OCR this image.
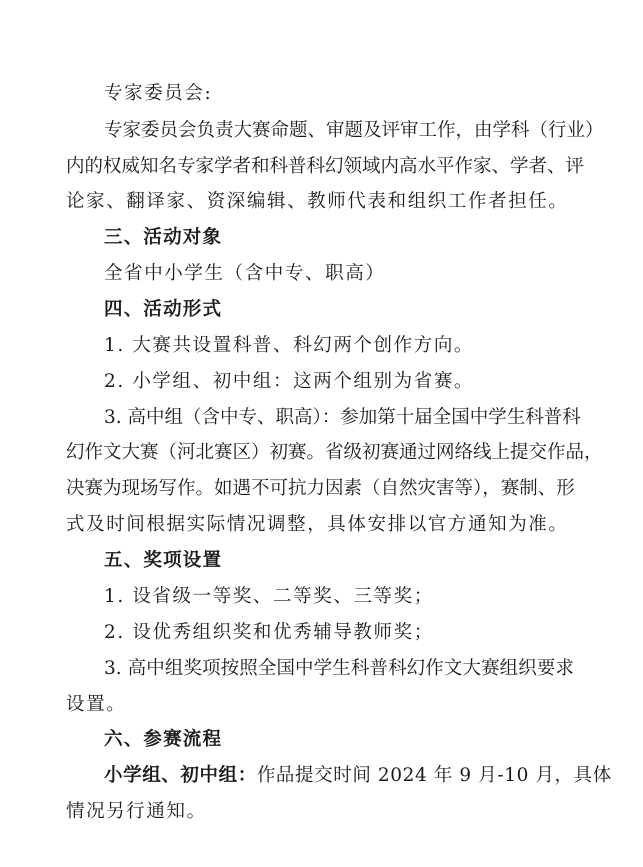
专家委员会:
专家委员会负责大赛命题、审题及评审工作，由学科（行业）
内的权威知名专家学者和科普科幻领域内高水平作家、学者、评
论家、翻译家、资深编辑、教师代表和组织工作者担任。
三、活动对象
全省中小学生（含中专、职高）
四、活动形式
1. 大赛共设置科普、科幻两个创作方向。
2. 小学组、初中组：这两个组别为省赛。
3. 高中组（含中专、职高）：参加第十届全国中学生科普科
幻作文大赛（河北赛区）初赛。省级初赛通过网络线上提交作品，
决赛为现场写作。如遇不可抗力因素（自然灾害等），赛制、形
式及时间根据实际情况调整，具体安排以官方通知为准。
五、奖项设置
1. 设省级一等奖、二等奖、三等奖；
2. 设优秀组织奖和优秀辅导教师奖；
3. 高中组奖项按照全国中学生科普科幻作文大赛组织要求
设置。
六、参赛流程
小学组、初中组：作品提交时间 2024 年 9 月-10 月，具体
情况另行通知。
